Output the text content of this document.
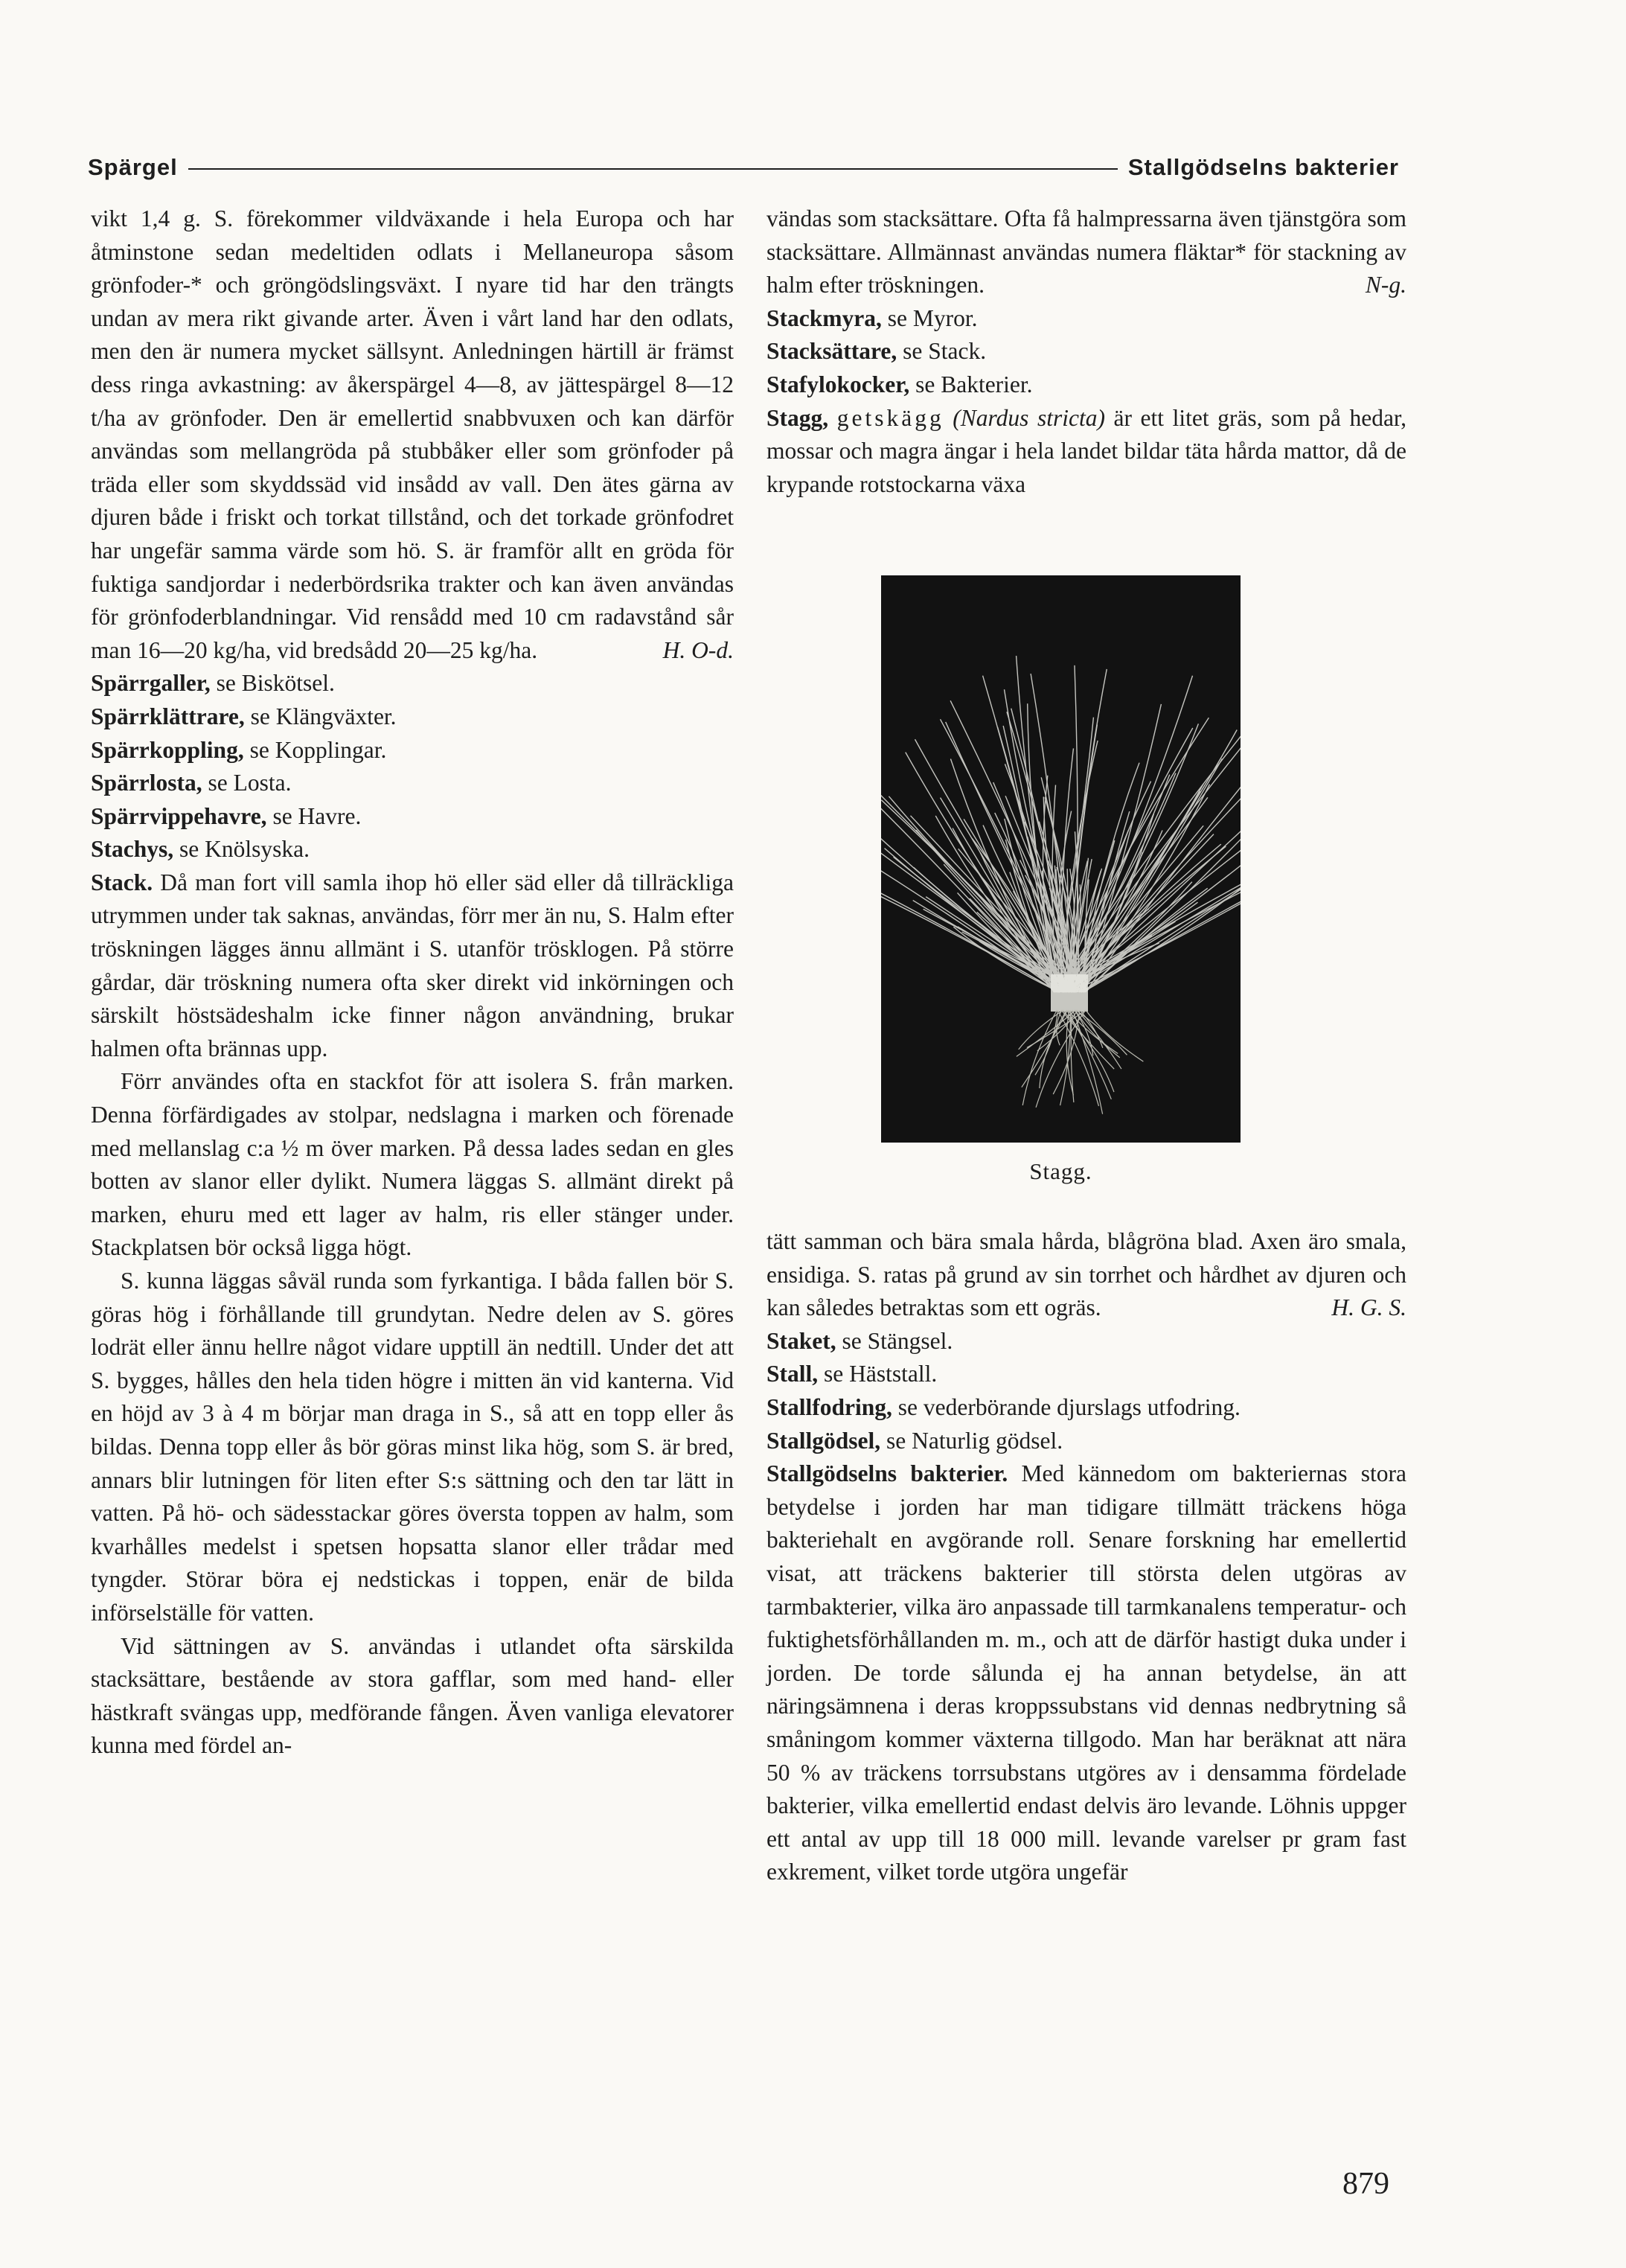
Spärgel	Stallgödselns bakterier

vikt 1,4 g. S. förekommer vildväxande i hela Europa och har åtminstone sedan medeltiden odlats i Mellaneuropa såsom grönfoder-* och gröngödslingsväxt. I nyare tid har den trängts undan av mera rikt givande arter. Även i vårt land har den odlats, men den är numera mycket sällsynt. Anledningen härtill är främst dess ringa avkastning: av åkerspärgel 4—8, av jättespärgel 8—12 t/ha av grönfoder. Den är emellertid snabbvuxen och kan därför användas som mellangröda på stubbåker eller som grönfoder på träda eller som skyddssäd vid insådd av vall. Den ätes gärna av djuren både i friskt och torkat tillstånd, och det torkade grönfodret har ungefär samma värde som hö. S. är framför allt en gröda för fuktiga sandjordar i nederbördsrika trakter och kan även användas för grönfoderblandningar. Vid rensådd med 10 cm radavstånd sår man 16—20 kg/ha, vid bredsådd 20—25 kg/ha.	H. O-d.

Spärrgaller, se Biskötsel.

Spärrklättrare, se Klängväxter.

Spärrkoppling, se Kopplingar.

Spärrlosta, se Losta.

Spärrvippehavre, se Havre.

Stachys, se Knölsyska.

Stack. Då man fort vill samla ihop hö eller säd eller då tillräckliga utrymmen under tak saknas, användas, förr mer än nu, S. Halm efter tröskningen lägges ännu allmänt i S. utanför trösklogen. På större gårdar, där tröskning numera ofta sker direkt vid inkörningen och särskilt höstsädeshalm icke finner någon användning, brukar halmen ofta brännas upp.

Förr användes ofta en stackfot för att isolera S. från marken. Denna förfärdigades av stolpar, nedslagna i marken och förenade med mellanslag c:a ½ m över marken. På dessa lades sedan en gles botten av slanor eller dylikt. Numera läggas S. allmänt direkt på marken, ehuru med ett lager av halm, ris eller stänger under. Stackplatsen bör också ligga högt.

S. kunna läggas såväl runda som fyrkantiga. I båda fallen bör S. göras hög i förhållande till grundytan. Nedre delen av S. göres lodrät eller ännu hellre något vidare upptill än nedtill. Under det att S. bygges, hålles den hela tiden högre i mitten än vid kanterna. Vid en höjd av 3 à 4 m börjar man draga in S., så att en topp eller ås bildas. Denna topp eller ås bör göras minst lika hög, som S. är bred, annars blir lutningen för liten efter S:s sättning och den tar lätt in vatten. På hö- och sädesstackar göres översta toppen av halm, som kvarhålles medelst i spetsen hopsatta slanor eller trådar med tyngder. Störar böra ej nedstickas i toppen, enär de bilda införselställe för vatten.

Vid sättningen av S. användas i utlandet ofta särskilda stacksättare, bestående av stora gafflar, som med hand- eller hästkraft svängas upp, medförande fången. Även vanliga elevatorer kunna med fördel an-

vändas som stacksättare. Ofta få halmpressarna även tjänstgöra som stacksättare. Allmännast användas numera fläktar* för stackning av halm efter tröskningen.	N-g.

Stackmyra, se Myror.

Stacksättare, se Stack.

Stafylokocker, se Bakterier.

Stagg, getskägg (Nardus stricta) är ett litet gräs, som på hedar, mossar och magra ängar i hela landet bildar täta hårda mattor, då de krypande rotstockarna växa

Stagg.

tätt samman och bära smala hårda, blågröna blad. Axen äro smala, ensidiga. S. ratas på grund av sin torrhet och hårdhet av djuren och kan således betraktas som ett ogräs.	H. G. S.

Staket, se Stängsel.

Stall, se Häststall.

Stallfodring, se vederbörande djurslags utfodring.

Stallgödsel, se Naturlig gödsel.

Stallgödselns bakterier. Med kännedom om bakteriernas stora betydelse i jorden har man tidigare tillmätt träckens höga bakteriehalt en avgörande roll. Senare forskning har emellertid visat, att träckens bakterier till största delen utgöras av tarmbakterier, vilka äro anpassade till tarmkanalens temperatur- och fuktighetsförhållanden m. m., och att de därför hastigt duka under i jorden. De torde sålunda ej ha annan betydelse, än att näringsämnena i deras kroppssubstans vid dennas nedbrytning så småningom kommer växterna tillgodo. Man har beräknat att nära 50 % av träckens torrsubstans utgöres av i densamma fördelade bakterier, vilka emellertid endast delvis äro levande. Löhnis uppger ett antal av upp till 18 000 mill. levande varelser pr gram fast exkrement, vilket torde utgöra ungefär

879
